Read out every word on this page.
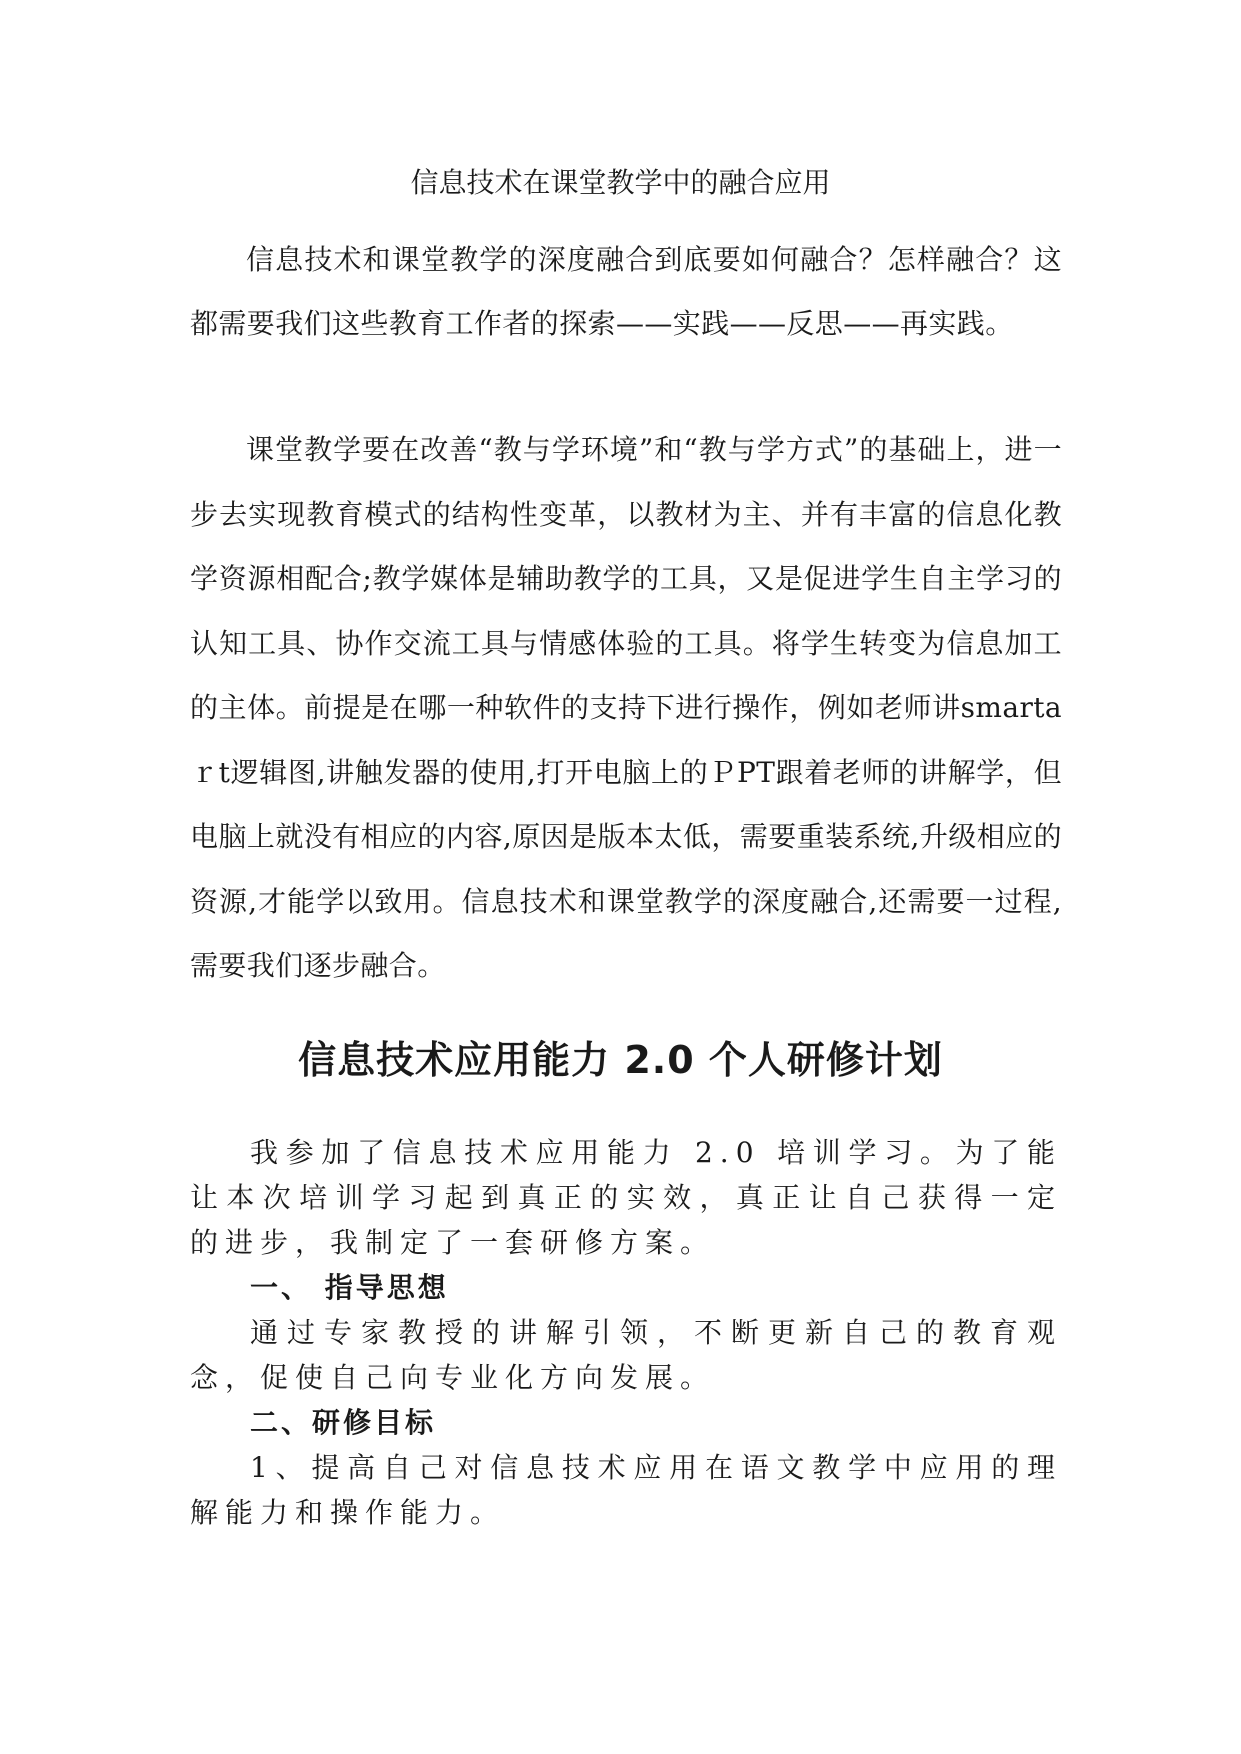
信息技术在课堂教学中的融合应用
信息技术和课堂教学的深度融合到底要如何融合？怎样融合？这都需要我们这些教育工作者的探索——实践——反思——再实践。
课堂教学要在改善“教与学环境”和“教与学方式”的基础上，进一步去实现教育模式的结构性变革，以教材为主、并有丰富的信息化教学资源相配合;教学媒体是辅助教学的工具，又是促进学生自主学习的认知工具、协作交流工具与情感体验的工具。将学生转变为信息加工的主体。前提是在哪一种软件的支持下进行操作，例如老师讲smartaｒt逻辑图,讲触发器的使用,打开电脑上的ＰPT跟着老师的讲解学，但电脑上就没有相应的内容,原因是版本太低，需要重装系统,升级相应的资源,才能学以致用。信息技术和课堂教学的深度融合,还需要一过程,需要我们逐步融合。
信息技术应用能力 2.0 个人研修计划

我参加了信息技术应用能力 2.0 培训学习。为了能让本次培训学习起到真正的实效，真正让自己获得一定的进步，我制定了一套研修方案。

一、 指导思想

通过专家教授的讲解引领，不断更新自己的教育观念，促使自己向专业化方向发展。

二、研修目标

1、提高自己对信息技术应用在语文教学中应用的理解能力和操作能力。
